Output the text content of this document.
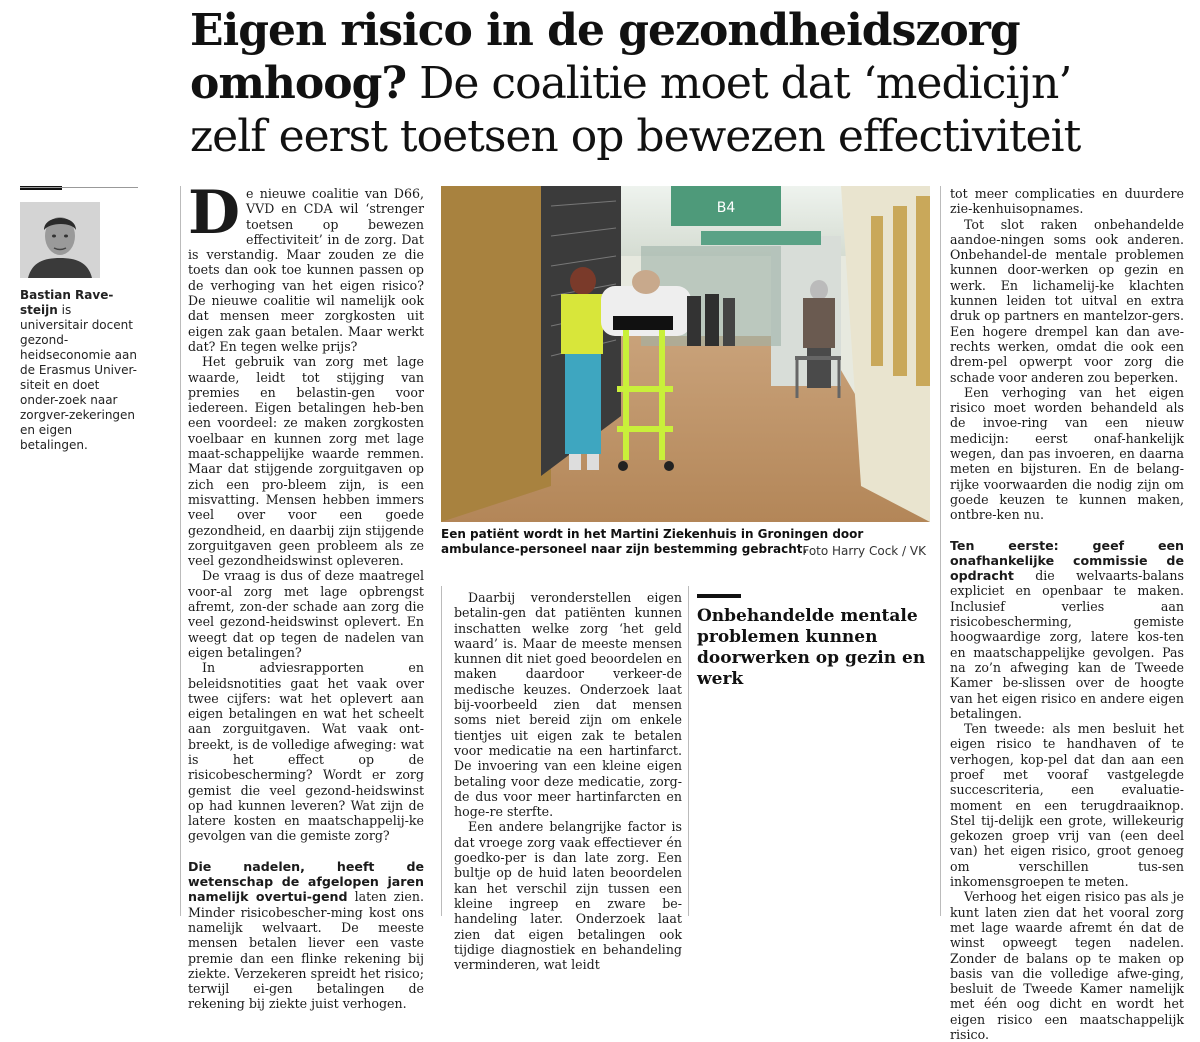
Eigen risico in de gezondheidszorg
omhoog? De coalitie moet dat ‘medicijn’
zelf eerst toetsen op bewezen effectiviteit
Bastian Rave-steijn is universitair docent gezond-heidseconomie aan de Erasmus Univer-siteit en doet onder-zoek naar zorgver-zekeringen en eigen betalingen.

De nieuwe coalitie van D66, VVD en CDA wil ‘strenger toetsen op bewezen effectiviteit’ in de zorg. Dat is verstandig. Maar zouden ze die toets dan ook toe kunnen passen op de verhoging van het eigen risico? De nieuwe coalitie wil namelijk ook dat mensen meer zorgkosten uit eigen zak gaan betalen. Maar werkt dat? En tegen welke prijs?

Het gebruik van zorg met lage waarde, leidt tot stijging van premies en belastin-gen voor iedereen. Eigen betalingen heb-ben een voordeel: ze maken zorgkosten voelbaar en kunnen zorg met lage maat-schappelijke waarde remmen. Maar dat stijgende zorguitgaven op zich een pro-bleem zijn, is een misvatting. Mensen hebben immers veel over voor een goede gezondheid, en daarbij zijn stijgende zorguitgaven geen probleem als ze veel gezondheidswinst opleveren.

De vraag is dus of deze maatregel voor-al zorg met lage opbrengst afremt, zon-der schade aan zorg die veel gezond-heidswinst oplevert. En weegt dat op tegen de nadelen van eigen betalingen?

In adviesrapporten en beleidsnotities gaat het vaak over twee cijfers: wat het oplevert aan eigen betalingen en wat het scheelt aan zorguitgaven. Wat vaak ont-breekt, is de volledige afweging: wat is het effect op de risicobescherming? Wordt er zorg gemist die veel gezond-heidswinst op had kunnen leveren? Wat zijn de latere kosten en maatschappelij-ke gevolgen van die gemiste zorg?

Die nadelen, heeft de wetenschap de afgelopen jaren namelijk overtui-gend laten zien. Minder risicobescher-ming kost ons namelijk welvaart. De meeste mensen betalen liever een vaste premie dan een flinke rekening bij ziekte. Verzekeren spreidt het risico; terwijl ei-gen betalingen de rekening bij ziekte juist verhogen.

B4
Een patiënt wordt in het Martini Ziekenhuis in Groningen door ambulance-personeel naar zijn bestemming gebracht.
Foto Harry Cock / VK

Daarbij veronderstellen eigen betalin-gen dat patiënten kunnen inschatten welke zorg ‘het geld waard’ is. Maar de meeste mensen kunnen dit niet goed beoordelen en maken daardoor verkeer-de medische keuzes. Onderzoek laat bij-voorbeeld zien dat mensen soms niet bereid zijn om enkele tientjes uit eigen zak te betalen voor medicatie na een hartinfarct. De invoering van een kleine eigen betaling voor deze medicatie, zorg-de dus voor meer hartinfarcten en hoge-re sterfte.

Een andere belangrijke factor is dat vroege zorg vaak effectiever én goedko-per is dan late zorg. Een bultje op de huid laten beoordelen kan het verschil zijn tussen een kleine ingreep en zware be-handeling later. Onderzoek laat zien dat eigen betalingen ook tijdige diagnostiek en behandeling verminderen, wat leidt

Onbehandelde mentale problemen kunnen doorwerken op gezin en werk

tot meer complicaties en duurdere zie-kenhuisopnames.

Tot slot raken onbehandelde aandoe-ningen soms ook anderen. Onbehandel-de mentale problemen kunnen door-werken op gezin en werk. En lichamelij-ke klachten kunnen leiden tot uitval en extra druk op partners en mantelzor-gers. Een hogere drempel kan dan ave-rechts werken, omdat die ook een drem-pel opwerpt voor zorg die schade voor anderen zou beperken.

Een verhoging van het eigen risico moet worden behandeld als de invoe-ring van een nieuw medicijn: eerst onaf-hankelijk wegen, dan pas invoeren, en daarna meten en bijsturen. En de belang-rijke voorwaarden die nodig zijn om goede keuzen te kunnen maken, ontbre-ken nu.

Ten eerste: geef een onafhankelijke commissie de opdracht die welvaarts-balans expliciet en openbaar te maken. Inclusief verlies aan risicobescherming, gemiste hoogwaardige zorg, latere kos-ten en maatschappelijke gevolgen. Pas na zo’n afweging kan de Tweede Kamer be-slissen over de hoogte van het eigen risico en andere eigen betalingen.

Ten tweede: als men besluit het eigen risico te handhaven of te verhogen, kop-pel dat dan aan een proef met vooraf vastgelegde succescriteria, een evaluatie-moment en een terugdraaiknop. Stel tij-delijk een grote, willekeurig gekozen groep vrij van (een deel van) het eigen risico, groot genoeg om verschillen tus-sen inkomensgroepen te meten.

Verhoog het eigen risico pas als je kunt laten zien dat het vooral zorg met lage waarde afremt én dat de winst opweegt tegen nadelen. Zonder de balans op te maken op basis van die volledige afwe-ging, besluit de Tweede Kamer namelijk met één oog dicht en wordt het eigen risico een maatschappelijk risico.
